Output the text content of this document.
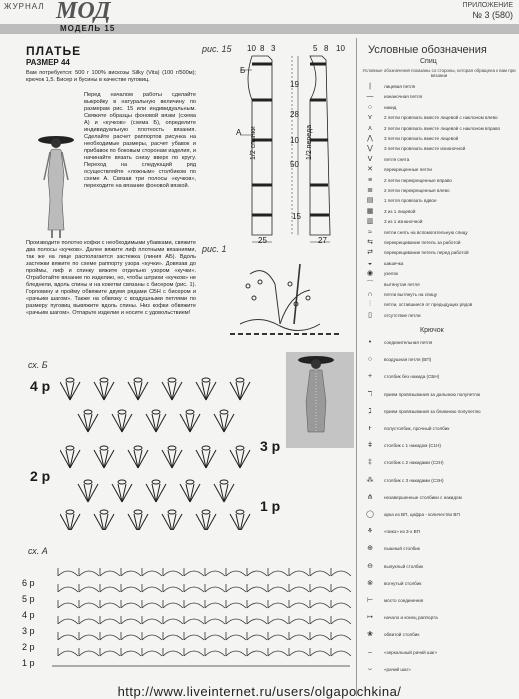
ЖУРНАЛ МОД	ПРИЛОЖЕНИЕ
№ 3 (580)
МОДЕЛЬ 15
ПЛАТЬЕ
РАЗМЕР 44
Вам потребуется: 500 г 100% вискозы Silky (Vita) (100 г/500м); крючок 1,5. Бисер и бусины в качестве пуговиц.
Перед началом работы сделайте выкройку в натуральную величину по размерам рис. 15 или индивидуальным. Свяжите образцы фоновой вязки (схема А) и «кучков» (схема Б), определите индивидуальную плотность вязания. Сделайте расчет раппортов рисунка на необходимые размеры, расчет убавок и прибавок по боковым сторонам изделия, и начинайте вязать снизу вверх по кругу. Переход на следующий ряд осуществляйте «ложным» столбиком по схеме А. Связав три полосы «кучков», переходите на вязание фоновой вязкой.
Производите полотно кофки с необходимыми убавками, свяжите два полосы «кучков». Далее вяжите лиф плотными вязаниями, так же на лице располагается застежка (линия АБ). Вдоль застежки вяжите по схеме раппорту узора «кучки». Довязав до проймы, лиф и спинку вяжите отдельно узором «кучки». Отработайте вязание по изделию, но, чтобы штрихи «кучков» не бледнели, вдоль спины и на кокетки связаны с бисером (рис. 1). Горловину и пройму обвяжите двумя рядами СБН с бисером и «рачьим шагом». Также на обвязку с воздушными петлями по размеру пуговиц вывяжите вдоль спины. Низ кофки обвяжите «рачьим шагом». Отпарьте изделие и носите с удовольствием!
рис. 15 10 8 3	5 8 10
Б
А
19
28
10
50
15
25	27
1/2 спинки	1/2 переда
рис. 1
сх. Б
4 р
3 р
2 р
1 р
сх. А
6 р
5 р
4 р
3 р
2 р
1 р
Условные обозначения
Спиц
Условные обозначения показаны со стороны, которая обращена к вам при вязании
|	лицевая петля
—	изнаночная петля
○	накид
⋎	2 петли провязать вместе лицевой с наклоном влево
⋏	2 петли провязать вместе лицевой с наклоном вправо
⋀	3 петли провязать вместе лицевой
⋁	3 петли провязать вместе изнаночной
Ⅴ	петля снята
✕	перекрещенные петли
≡	2 петли перекрещенные вправо
≣	2 петли перекрещенные влево
▤	1 петля провязать вдвое
▦	3 из 1 лицевой
▥	3 из 1 изнаночной
≈	петли снять на вспомогательную спицу
⇆	перекрещивание петель за работой
⇄	перекрещивание петель перед работой
◒	шишечка
◉	узелок
⌒	вытянутая петля
∩	петли вытянуть на спицу
⫶	петли, оставшиеся от предыдущих рядов
▯	отсутствие петли
Крючок
•	соединительная петля
○	воздушная петля (ВП)
+	столбик без накида (СБН)
ℸ	прием провязывания за дальнюю полупетлю
ℷ	прием провязывания за ближнюю полупетлю
ⱶ	полустолбик, прочный столбик
ǂ	столбик с 1 накидом (С1Н)
‡	столбик с 2 накидами (С2Н)
⁂	столбик с 3 накидами (С3Н)
⋔	незавершенные столбики с накидом
◯	арка из ВП, цифра - количество ВП
⚘	«пико» из 3-х ВП
⊕	пышный столбик
⊖	выпуклый столбик
⊗	вогнутый столбик
⊢	мосто соединения
↦	начало и конец раппорта
❀	обвитой столбик
⌢	«зеркальный рачий шаг»
⌣	«рачий шаг»
http://www.liveinternet.ru/users/olgapochkina/
